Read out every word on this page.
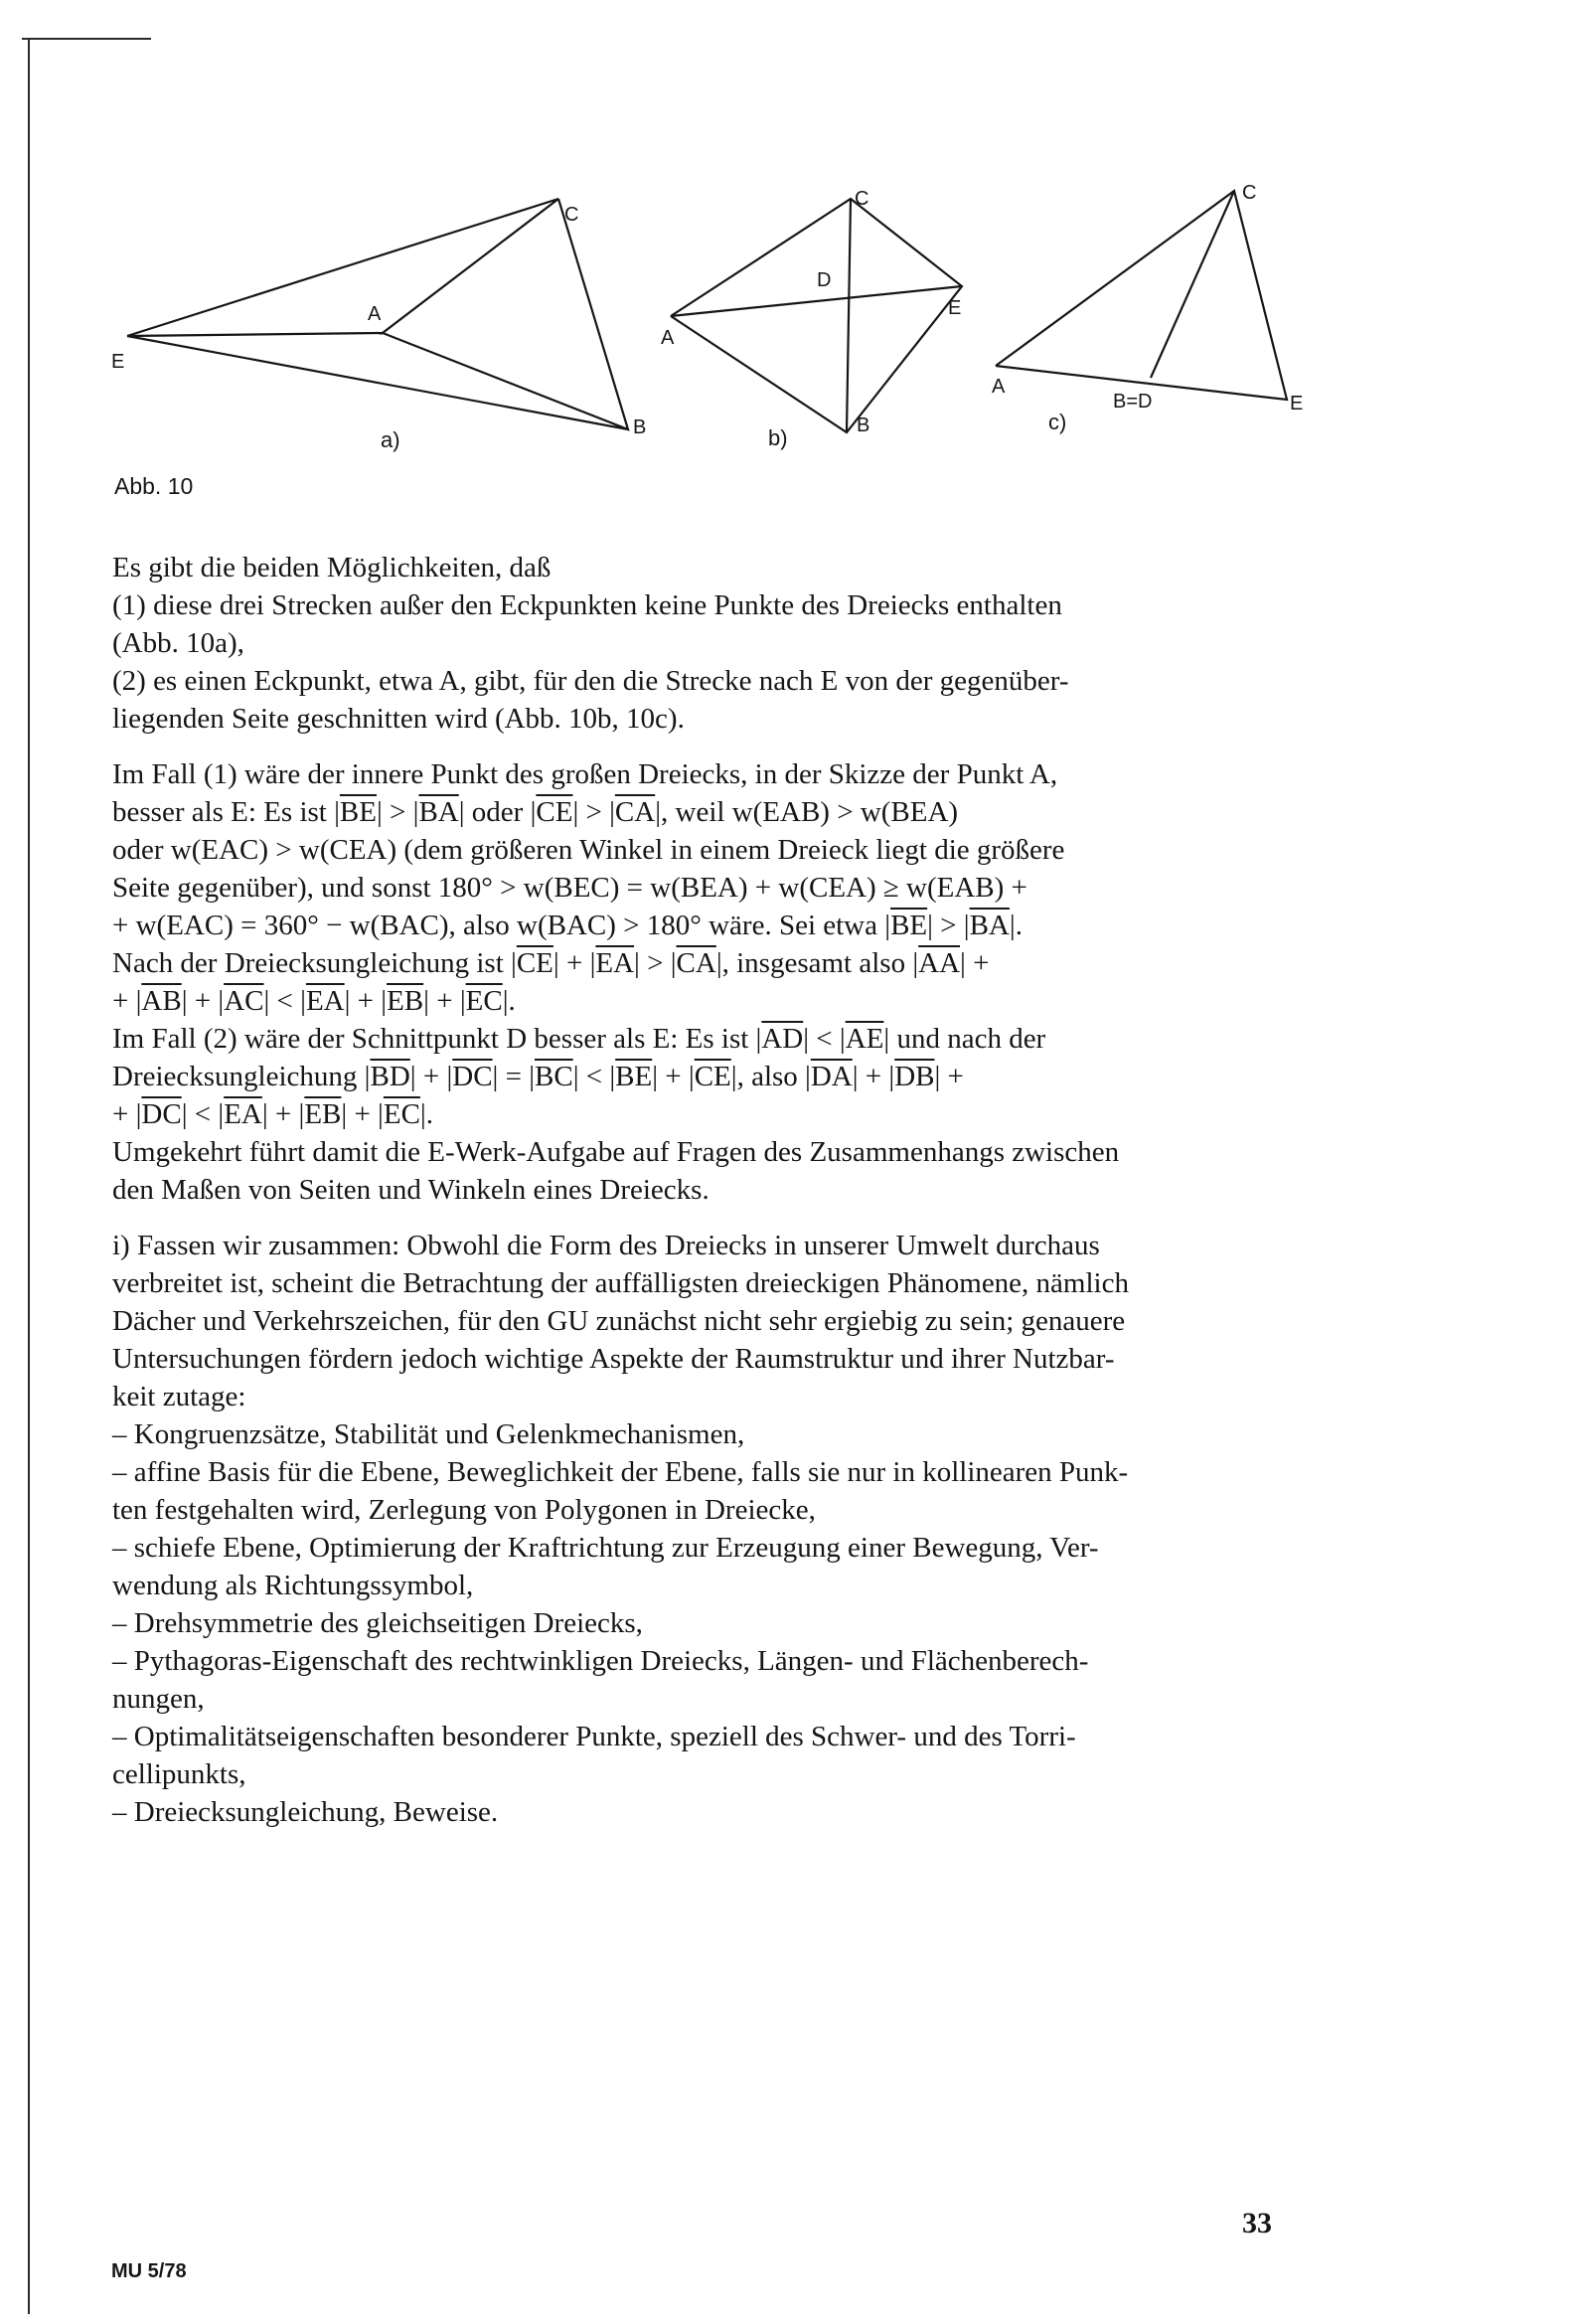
C
A
E
B
a)
C
D
E
A
B
b)
C
A
B=D	E
c)
Abb. 10

Es gibt die beiden Möglichkeiten, daß

(1) diese drei Strecken außer den Eckpunkten keine Punkte des Dreiecks enthalten

(Abb. 10a),

(2) es einen Eckpunkt, etwa A, gibt, für den die Strecke nach E von der gegenüber-

liegenden Seite geschnitten wird (Abb. 10b, 10c).

Im Fall (1) wäre der innere Punkt des großen Dreiecks, in der Skizze der Punkt A,

besser als E: Es ist $|\overline{BE}| > |\overline{BA}|$ oder $|\overline{CE}| > |\overline{CA}|$, weil w(EAB) > w(BEA)

oder w(EAC) > w(CEA) (dem größeren Winkel in einem Dreieck liegt die größere

Seite gegenüber), und sonst 180° > w(BEC) = w(BEA) + w(CEA) ≥ w(EAB) +

+ w(EAC) = 360° − w(BAC), also w(BAC) > 180° wäre. Sei etwa $|\overline{BE}| > |\overline{BA}|$.

Nach der Dreiecksungleichung ist $|\overline{CE}| + |\overline{EA}| > |\overline{CA}|$, insgesamt also $|\overline{AA}|$ +

+ $|\overline{AB}| + |\overline{AC}| < |\overline{EA}| + |\overline{EB}| + |\overline{EC}|$.

Im Fall (2) wäre der Schnittpunkt D besser als E: Es ist $|\overline{AD}| < |\overline{AE}|$ und nach der

Dreiecksungleichung $|\overline{BD}| + |\overline{DC}| = |\overline{BC}| < |\overline{BE}| + |\overline{CE}|$, also $|\overline{DA}| + |\overline{DB}|$ +

+ $|\overline{DC}| < |\overline{EA}| + |\overline{EB}| + |\overline{EC}|$.

Umgekehrt führt damit die E-Werk-Aufgabe auf Fragen des Zusammenhangs zwischen

den Maßen von Seiten und Winkeln eines Dreiecks.

i) Fassen wir zusammen: Obwohl die Form des Dreiecks in unserer Umwelt durchaus

verbreitet ist, scheint die Betrachtung der auffälligsten dreieckigen Phänomene, nämlich

Dächer und Verkehrszeichen, für den GU zunächst nicht sehr ergiebig zu sein; genauere

Untersuchungen fördern jedoch wichtige Aspekte der Raumstruktur und ihrer Nutzbar-

keit zutage:

– Kongruenzsätze, Stabilität und Gelenkmechanismen,

– affine Basis für die Ebene, Beweglichkeit der Ebene, falls sie nur in kollinearen Punk-

ten festgehalten wird, Zerlegung von Polygonen in Dreiecke,

– schiefe Ebene, Optimierung der Kraftrichtung zur Erzeugung einer Bewegung, Ver-

wendung als Richtungssymbol,

– Drehsymmetrie des gleichseitigen Dreiecks,

– Pythagoras-Eigenschaft des rechtwinkligen Dreiecks, Längen- und Flächenberech-

nungen,

– Optimalitätseigenschaften besonderer Punkte, speziell des Schwer- und des Torri-

cellipunkts,

– Dreiecksungleichung, Beweise.

33
MU 5/78
